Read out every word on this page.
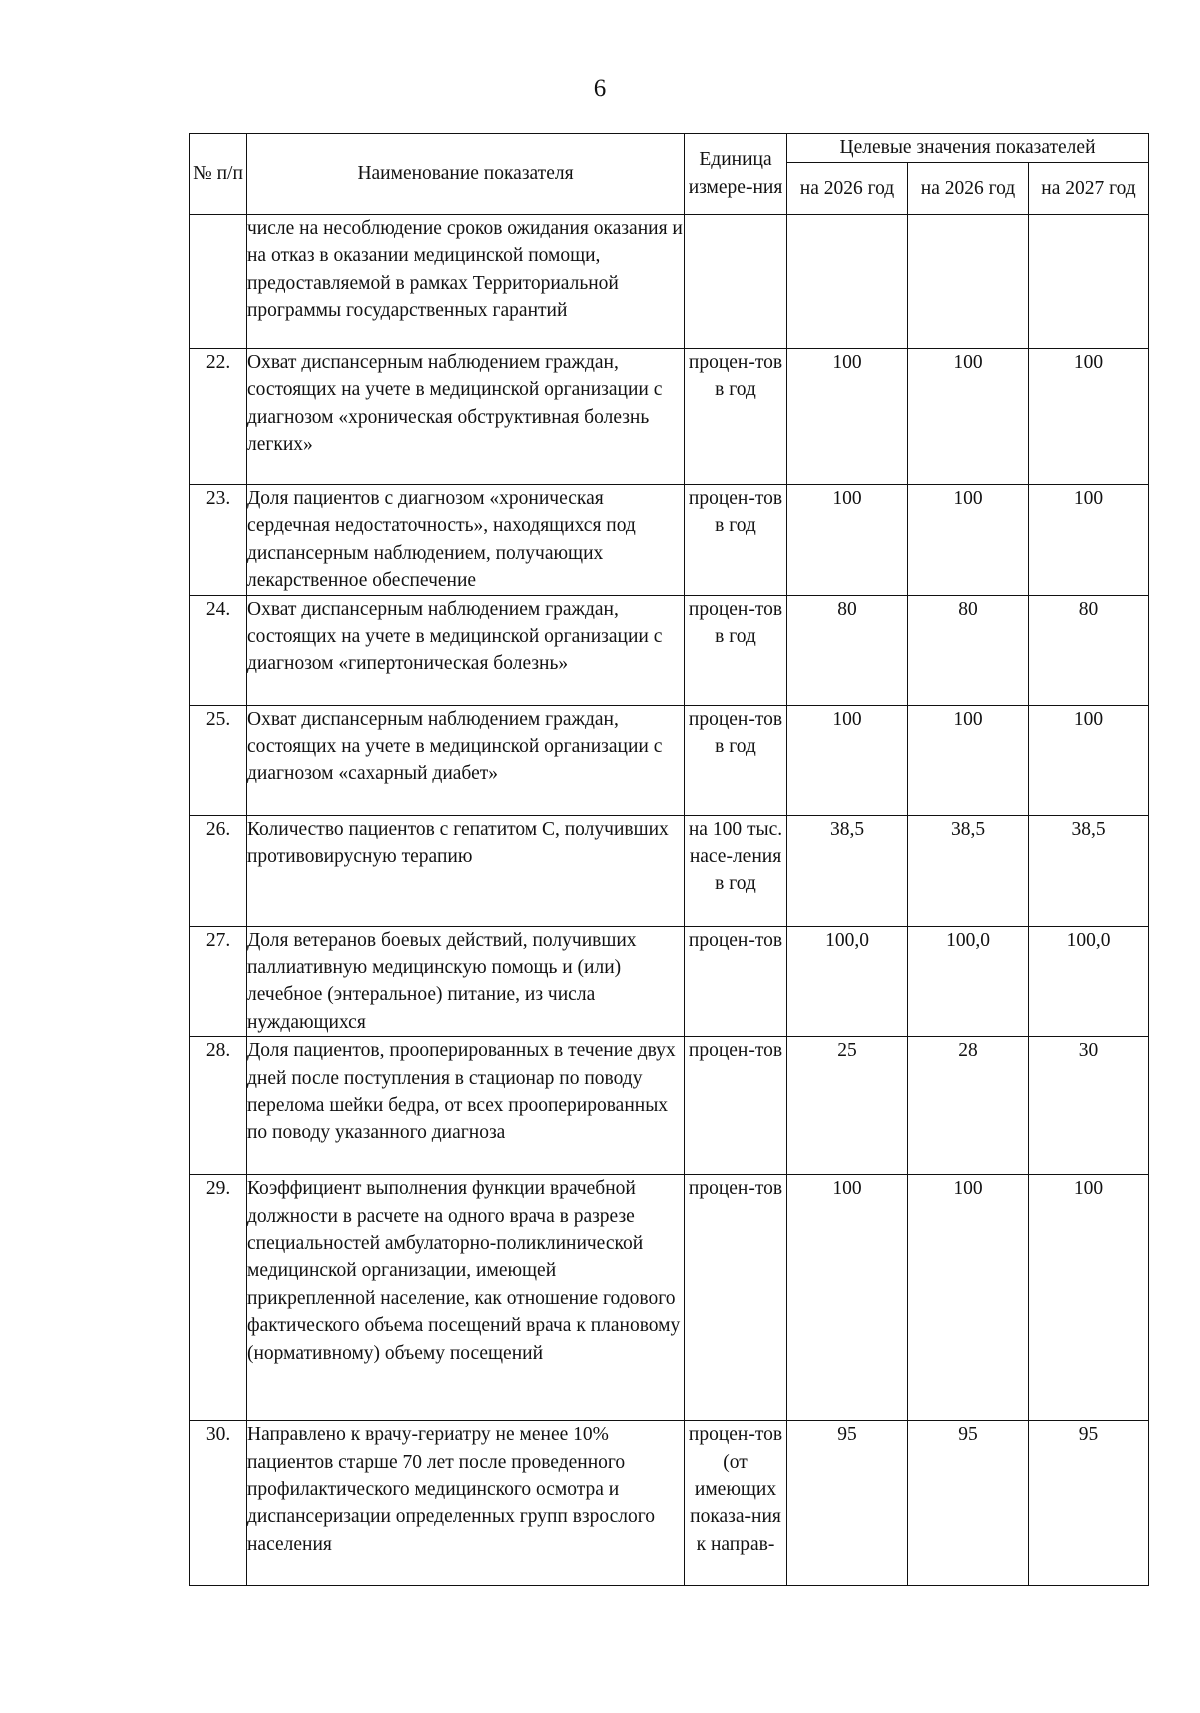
6
№ п/п	Наименование показателя	Единица измере-ния	Целевые значения показателей		
			на 2026 год	на 2026 год	на 2027 год
	числе на несоблюдение сроков ожидания оказания и на отказ в оказании медицинской помощи, предоставляемой в рамках Территориальной программы государственных гарантий				
22.	Охват диспансерным наблюдением граждан, состоящих на учете в медицинской организации с диагнозом «хроническая обструктивная болезнь легких»	процен-тов в год	100	100	100
23.	Доля пациентов с диагнозом «хроническая сердечная недостаточность», находящихся под диспансерным наблюдением, получающих лекарственное обеспечение	процен-тов в год	100	100	100
24.	Охват диспансерным наблюдением граждан, состоящих на учете в медицинской организации с диагнозом «гипертоническая болезнь»	процен-тов в год	80	80	80
25.	Охват диспансерным наблюдением граждан, состоящих на учете в медицинской организации с диагнозом «сахарный диабет»	процен-тов в год	100	100	100
26.	Количество пациентов с гепатитом С, получивших противовирусную терапию	на 100 тыс. насе-ления в год	38,5	38,5	38,5
27.	Доля ветеранов боевых действий, получивших паллиативную медицинскую помощь и (или) лечебное (энтеральное) питание, из числа нуждающихся	процен-тов	100,0	100,0	100,0
28.	Доля пациентов, прооперированных в течение двух дней после поступления в стационар по поводу перелома шейки бедра, от всех прооперированных по поводу указанного диагноза	процен-тов	25	28	30
29.	Коэффициент выполнения функции врачебной должности в расчете на одного врача в разрезе специальностей амбулаторно-поликлинической медицинской организации, имеющей прикрепленной население, как отношение годового фактического объема посещений врача к плановому (нормативному) объему посещений	процен-тов	100	100	100
30.	Направлено к врачу-гериатру не менее 10% пациентов старше 70 лет после проведенного профилактического медицинского осмотра и диспансеризации определенных групп взрослого населения	процен-тов (от имеющих показа-ния к направ-	95	95	95
